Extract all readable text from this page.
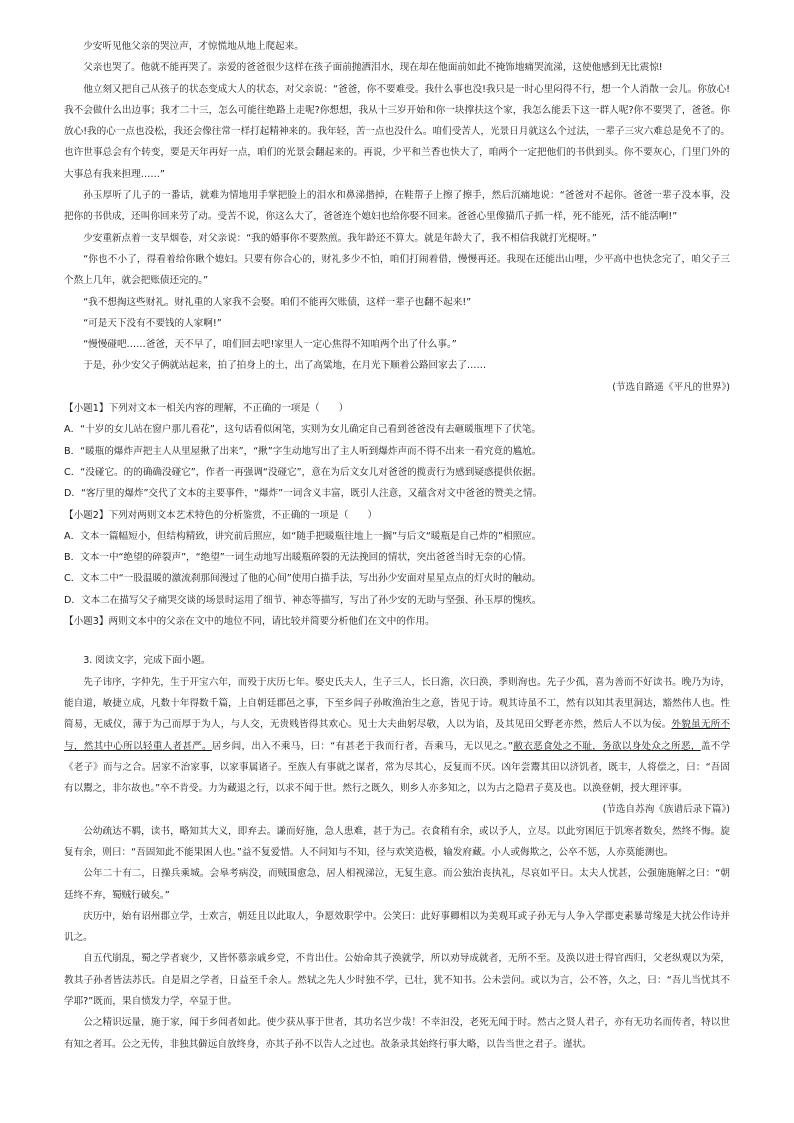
少安听见他父亲的哭泣声，才惊慌地从地上爬起来。

父亲也哭了。他就不能再哭了。亲爱的爸爸很少这样在孩子面前抛洒泪水，现在却在他面前如此不掩饰地痛哭流涕，这使他感到无比震惊!

他立刻又把自己从孩子的状态变成大人的状态，对父亲说：“爸爸，你不要难受。我什么事也没!我只是一时心里闷得不行，想一个人消散一会儿。你放心!我不会做什么出边事；我才二十三，怎么可能往绝路上走呢?你想想，我从十三岁开始和你一块撑扶这个家，我怎么能丢下这一群人呢?你不要哭了，爸爸。你放心!我的心一点也没松，我还会像往常一样打起精神来的。我年轻，苦一点也没什么。咱们受苦人，光景日月就这么个过法，一辈子三灾六难总是免不了的。也许世事总会有个转变，要是天年再好一点，咱们的光景会翻起来的。再说，少平和兰香也快大了，咱两个一定把他们的书供到头。你不要灰心，门里门外的大事总有我来担理……”

孙玉厚听了儿子的一番话，就难为情地用手掌把脸上的泪水和鼻涕揩掉，在鞋帮子上擦了擦手，然后沉痛地说：“爸爸对不起你。爸爸一辈子没本事，没把你的书供成，还叫你回来劳了动。受苦不说，你这么大了，爸爸连个媳妇也给你娶不回来。爸爸心里像猫爪子抓一样，死不能死，活不能活啊!”

少安重新点着一支旱烟卷，对父亲说：“我的婚事你不要熬煎。我年龄还不算大。就是年龄大了，我不相信我就打光棍呀。”

“你也不小了，得看着给你瞅个媳妇。只要有你合心的，财礼多少不怕，咱们打闹着借，慢慢再还。我现在还能出山哩，少平高中也快念完了，咱父子三个熬上几年，就会把账债还完的。”

“我不想掏这些财礼。财礼重的人家我不会娶。咱们不能再欠账债，这样一辈子也翻不起来!”

“可是天下没有不要钱的人家啊!”

“慢慢碰吧……爸爸，天不早了，咱们回去吧!家里人一定心焦得不知咱两个出了什么事。”

于是，孙少安父子俩就站起来，拍了拍身上的土，出了高粱地，在月光下顺着公路回家去了……

(节选自路遥《平凡的世界》)

【小题1】下列对文本一相关内容的理解，不正确的一项是（　　）

A．“十岁的女儿站在窗户那儿看花”，这句话看似闲笔，实则为女儿确定自己看到爸爸没有去砸暖瓶埋下了伏笔。

B．“暖瓶的爆炸声把主人从里屋揪了出来”，“揪”字生动地写出了主人听到爆炸声而不得不出来一看究竟的尴尬。

C．“没碰它。的的确确没碰它”，作者一再强调“没碰它”，意在为后文女儿对爸爸的揽责行为感到疑惑提供依据。

D．“客厅里的爆炸”交代了文本的主要事件，“爆炸”一词含义丰富，既引人注意，又蕴含对文中爸爸的赞美之情。

【小题2】下列对两则文本艺术特色的分析鉴赏，不正确的一项是（　　）

A．文本一篇幅短小，但结构精致，讲究前后照应，如“随手把暖瓶往地上一搁”与后文“暖瓶是自己炸的”相照应。

B．文本一中“绝望的碎裂声”，“绝望”一词生动地写出暖瓶碎裂的无法挽回的情状，突出爸爸当时无奈的心情。

C．文本二中“一股温暖的激流刹那间漫过了他的心间”使用白描手法，写出孙少安面对星星点点的灯火时的触动。

D．文本二在描写父子痛哭交谈的场景时运用了细节、神态等描写，写出了孙少安的无助与坚强、孙玉厚的愧疚。

【小题3】两则文本中的父亲在文中的地位不同，请比较并简要分析他们在文中的作用。

3. 阅读文字，完成下面小题。

先子讳序，字仲先，生于开宝六年，而殁于庆历七年。娶史氏夫人，生子三人，长曰澹，次曰涣，季则洵也。先子少孤，喜为善而不好读书。晚乃为诗，能自道，敏捷立成，凡数十年得数千篇，上自朝廷郡邑之事，下至乡闾子孙畋渔治生之意，皆见于诗。观其诗虽不工，然有以知其表里洞达，豁然伟人也。性简易，无威仪，薄于为己而厚于为人，与人交，无贵贱皆得其欢心。见士大夫曲躬尽敬，人以为谄，及其见田父野老亦然，然后人不以为佞。外貌虽无所不与，然其中心所以轻重人者甚严。居乡闾，出入不乘马，曰：“有甚老于我而行者，吾乘马，无以见之。”敝衣恶食处之不耻，务欲以身处众之所恶，盖不学《老子》而与之合。居家不治家事，以家事属诸子。至族人有事就之谋者，常为尽其心，反复而不厌。凶年尝鬻其田以济饥者，既丰，人将偿之，曰：“吾固有以鬻之，非尔故也。”卒不肯受。力为藏退之行，以求不闻于世。然行之既久，则乡人亦多知之，以为古之隐君子莫及也。以涣登朝，授大理评事。

(节选自苏洵《族谱后录下篇》)

公幼疏达不羁，读书，略知其大义，即弃去。谦而好施，急人患难，甚于为己。衣食稍有余，或以予人，立尽。以此穷困厄于饥寒者数矣，然终不悔。旋复有余，则曰：“吾固知此不能果困人也。”益不复爱惜。人不问知与不知，径与欢笑造极，输发府藏。小人或侮欺之，公卒不惩，人亦莫能测也。

公年二十有二，日操兵乘城。会皋考病没，而贼围愈急，居人相视涕泣，无复生意。而公独治丧执礼，尽哀如平日。太夫人忧甚，公强施施解之曰：“朝廷终不弃，蜀贼行破矣。”

庆历中，始有诏州郡立学，士欢言，朝廷且以此取人，争愿效职学中。公笑曰：此好事卿相以为美观耳或子孙无与人争入学郡吏素暴苛缘是大扰公作诗并讥之。

自五代崩乱，蜀之学者衰少，又皆怀慕亲戚乡党，不肯出仕。公始命其子涣就学，所以劝导成就者，无所不至。及涣以进士得官西归，父老纵观以为荣，教其子孙者皆法苏氏。自是眉之学者，日益至千余人。然轼之先人少时独不学，已壮，犹不知书。公未尝问。或以为言，公不答，久之，曰：“吾儿当忧其不学耶?”既而，果自愤发力学，卒显于世。

公之精识远量，施于家，闻于乡闾者如此。使少获从事于世者，其功名岂少哉！不幸汩没，老死无闻于时。然古之贤人君子，亦有无功名而传者，特以世有知之者耳。公之无传，非独其僻远自放终身，亦其子孙不以告人之过也。故条录其始终行事大略，以告当世之君子。谨状。
